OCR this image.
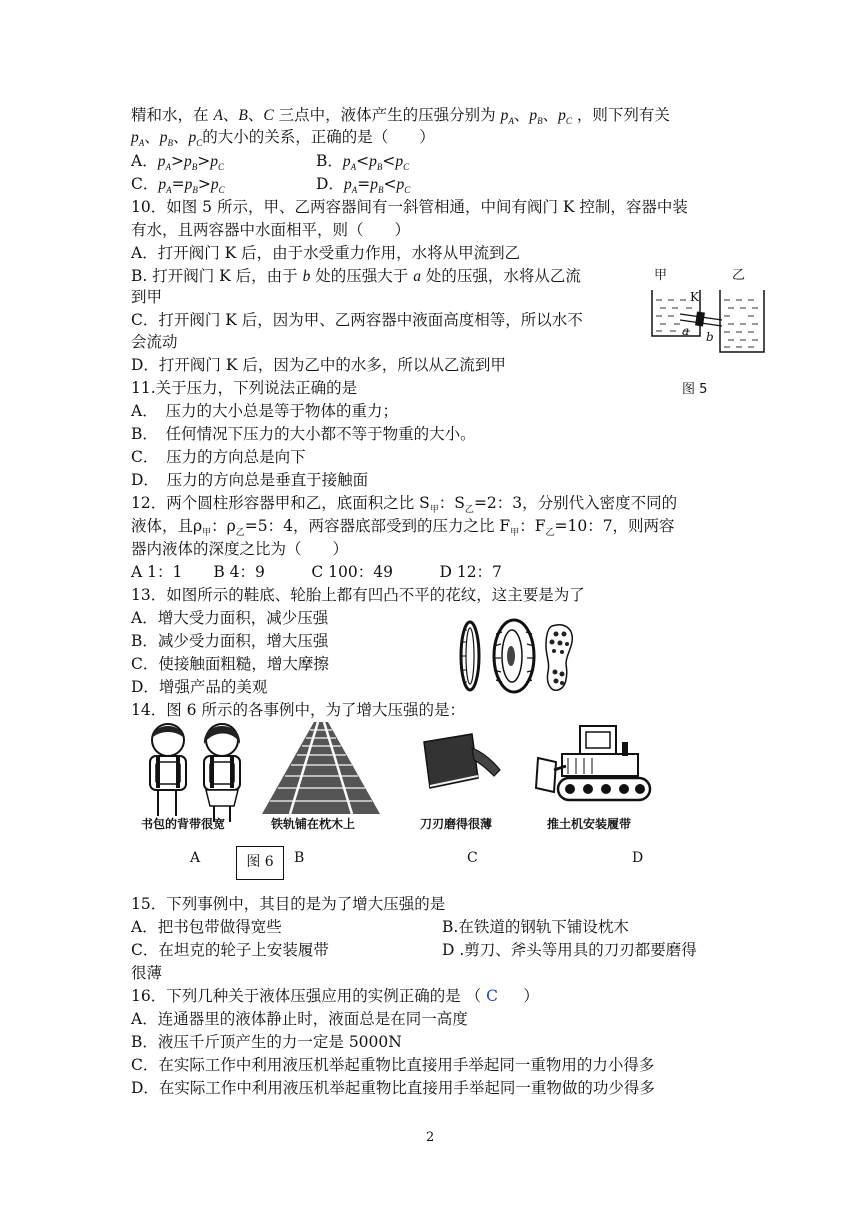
精和水，在 A、B、C 三点中，液体产生的压强分别为 $p_A$、$p_B$、$p_C$ ，则下列有关
$p_A$、$p_B$、$p_C$的大小的关系，正确的是（　　）
A．$p_A>p_B>p_C$	B．$p_A<p_B<p_C$
C．$p_A=p_B>p_C$	D．$p_A=p_B<p_C$
10．如图 5 所示，甲、乙两容器间有一斜管相通，中间有阀门 K 控制，容器中装
有水，且两容器中水面相平，则（　　）
A．打开阀门 K 后，由于水受重力作用，水将从甲流到乙
B. 打开阀门 K 后，由于 b 处的压强大于 a 处的压强，水将从乙流
到甲
C．打开阀门 K 后，因为甲、乙两容器中液面高度相等，所以水不
会流动
D．打开阀门 K 后，因为乙中的水多，所以从乙流到甲
甲	乙
K
a b
图 5
11.关于压力，下列说法正确的是
A．　压力的大小总是等于物体的重力；
B．　任何情况下压力的大小都不等于物重的大小。
C．　压力的方向总是向下
D．　压力的方向总是垂直于接触面
12．两个圆柱形容器甲和乙，底面积之比 $S_甲$：$S_乙=2$：3，分别代入密度不同的
液体，且$\rho_甲$：$\rho_乙=5$：4，两容器底部受到的压力之比 $F_甲$：$F_乙=10$：7，则两容
器内液体的深度之比为（　　）
A 1：1　　B 4：9　　　C 100：49　　　D 12：7
13．如图所示的鞋底、轮胎上都有凹凸不平的花纹，这主要是为了
A．增大受力面积，减少压强
B．减少受力面积，增大压强
C．使接触面粗糙，增大摩擦
D．增强产品的美观
14．图 6 所示的各事例中，为了增大压强的是：
书包的背带很宽	铁轨铺在枕木上	刀刃磨得很薄	推土机安装履带
A	图 6	B	C	D
15．下列事例中，其目的是为了增大压强的是
A．把书包带做得宽些	B.在铁道的钢轨下铺设枕木
C．在坦克的轮子上安装履带	D .剪刀、斧头等用具的刀刃都要磨得
很薄
16．下列几种关于液体压强应用的实例正确的是 （ C 　 ）
A．连通器里的液体静止时，液面总是在同一高度
B．液压千斤顶产生的力一定是 5000N
C．在实际工作中利用液压机举起重物比直接用手举起同一重物用的力小得多
D．在实际工作中利用液压机举起重物比直接用手举起同一重物做的功少得多
2
